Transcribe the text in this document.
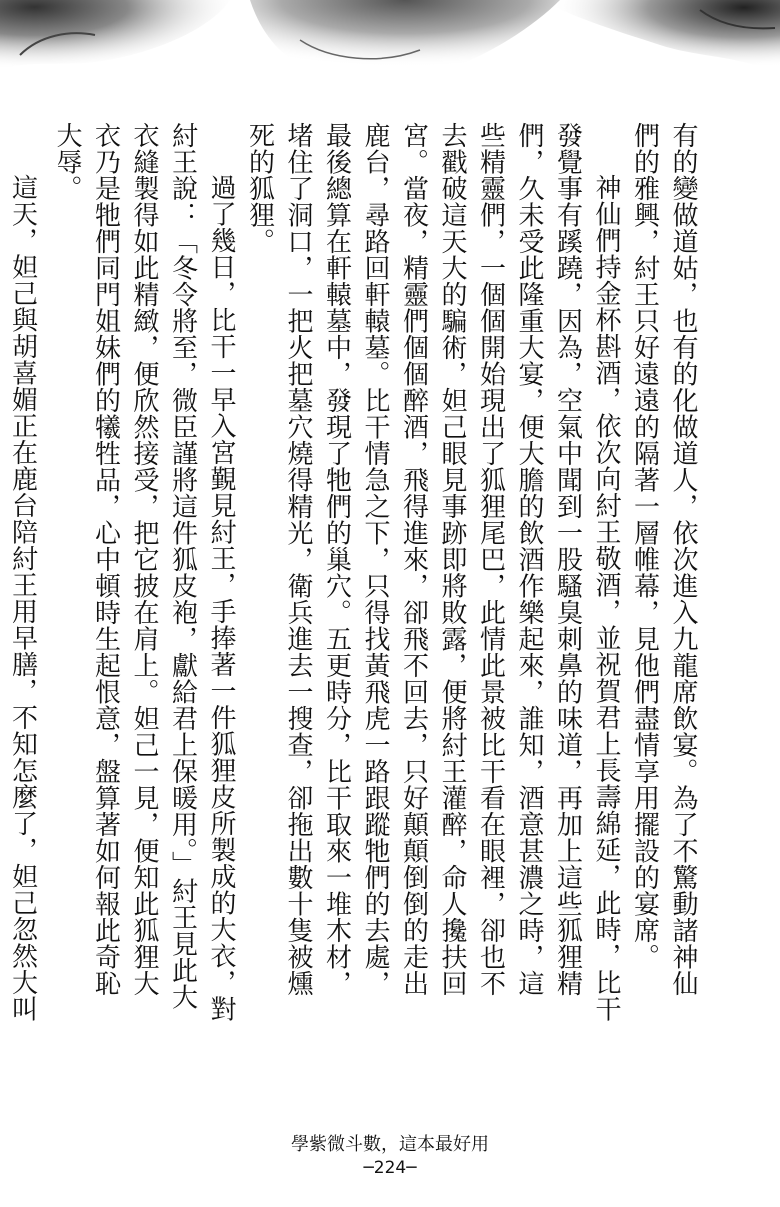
有的變做道姑，也有的化做道人，依次進入九龍席飲宴。為了不驚動諸神仙們的雅興，紂王只好遠遠的隔著一層帷幕，見他們盡情享用擺設的宴席。

神仙們持金杯斟酒，依次向紂王敬酒，並祝賀君上長壽綿延，此時，比干發覺事有蹊蹺，因為，空氣中聞到一股騷臭刺鼻的味道，再加上這些狐狸精們，久未受此隆重大宴，便大膽的飲酒作樂起來，誰知，酒意甚濃之時，這些精靈們，一個個開始現出了狐狸尾巴，此情此景被比干看在眼裡，卻也不去戳破這天大的騙術，妲己眼見事跡即將敗露，便將紂王灌醉，命人攙扶回宮。當夜，精靈們個個醉酒，飛得進來，卻飛不回去，只好顛顛倒倒的走出鹿台，尋路回軒轅墓。比干情急之下，只得找黃飛虎一路跟蹤牠們的去處，最後總算在軒轅墓中，發現了牠們的巢穴。五更時分，比干取來一堆木材，堵住了洞口，一把火把墓穴燒得精光，衛兵進去一搜查，卻拖出數十隻被燻死的狐狸。

過了幾日，比干一早入宮覲見紂王，手捧著一件狐狸皮所製成的大衣，對紂王說：「冬令將至，微臣謹將這件狐皮袍，獻給君上保暖用。」紂王見此大衣縫製得如此精緻，便欣然接受，把它披在肩上。妲己一見，便知此狐狸大衣乃是牠們同門姐妹們的犧牲品，心中頓時生起恨意，盤算著如何報此奇恥大辱。

這天，妲己與胡喜媚正在鹿台陪紂王用早膳，不知怎麼了，妲己忽然大叫

學紫微斗數，這本最好用
─224─
